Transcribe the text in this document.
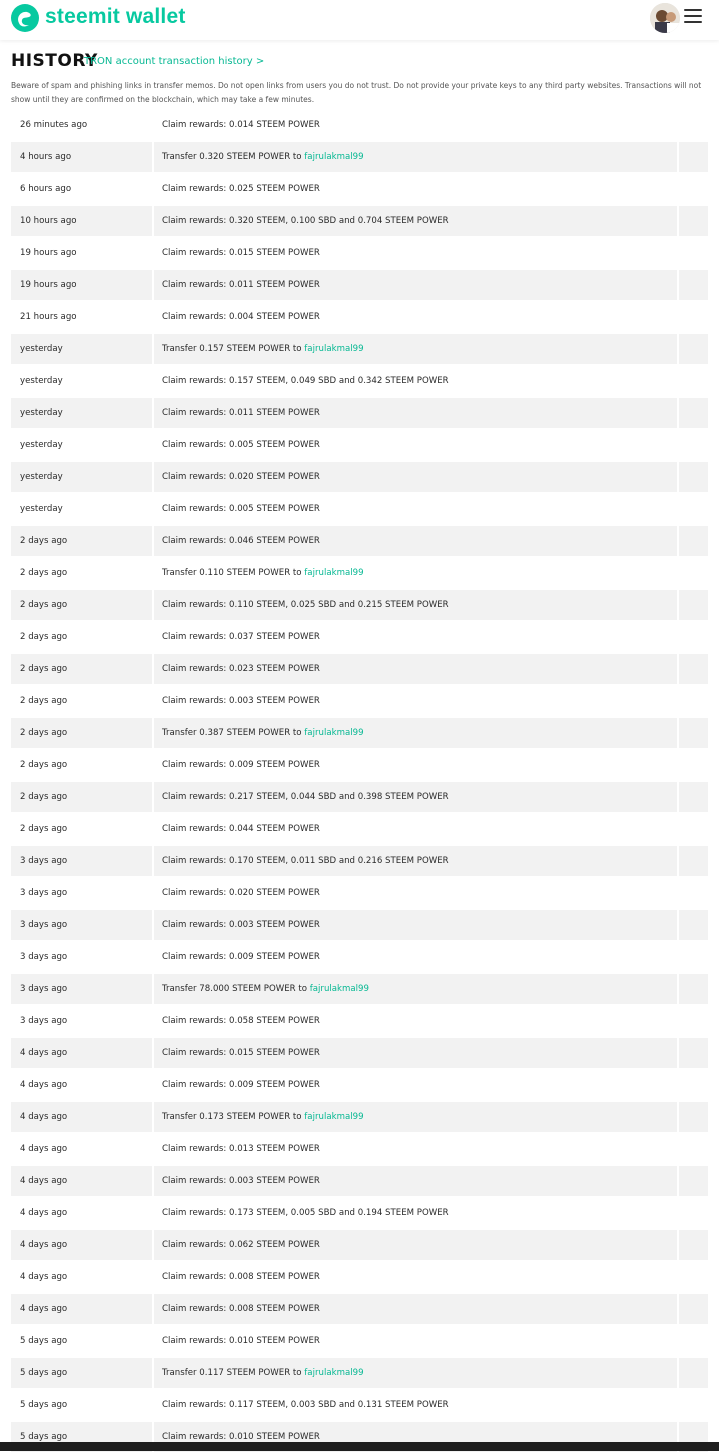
steemit wallet
HISTORY
TRON account transaction history >
Beware of spam and phishing links in transfer memos. Do not open links from users you do not trust. Do not provide your private keys to any third party websites. Transactions will not show until they are confirmed on the blockchain, which may take a few minutes.
26 minutes ago	Claim rewards: 0.014 STEEM POWER
4 hours ago	Transfer 0.320 STEEM POWER to fajrulakmal99
6 hours ago	Claim rewards: 0.025 STEEM POWER
10 hours ago	Claim rewards: 0.320 STEEM, 0.100 SBD and 0.704 STEEM POWER
19 hours ago	Claim rewards: 0.015 STEEM POWER
19 hours ago	Claim rewards: 0.011 STEEM POWER
21 hours ago	Claim rewards: 0.004 STEEM POWER
yesterday	Transfer 0.157 STEEM POWER to fajrulakmal99
yesterday	Claim rewards: 0.157 STEEM, 0.049 SBD and 0.342 STEEM POWER
yesterday	Claim rewards: 0.011 STEEM POWER
yesterday	Claim rewards: 0.005 STEEM POWER
yesterday	Claim rewards: 0.020 STEEM POWER
yesterday	Claim rewards: 0.005 STEEM POWER
2 days ago	Claim rewards: 0.046 STEEM POWER
2 days ago	Transfer 0.110 STEEM POWER to fajrulakmal99
2 days ago	Claim rewards: 0.110 STEEM, 0.025 SBD and 0.215 STEEM POWER
2 days ago	Claim rewards: 0.037 STEEM POWER
2 days ago	Claim rewards: 0.023 STEEM POWER
2 days ago	Claim rewards: 0.003 STEEM POWER
2 days ago	Transfer 0.387 STEEM POWER to fajrulakmal99
2 days ago	Claim rewards: 0.009 STEEM POWER
2 days ago	Claim rewards: 0.217 STEEM, 0.044 SBD and 0.398 STEEM POWER
2 days ago	Claim rewards: 0.044 STEEM POWER
3 days ago	Claim rewards: 0.170 STEEM, 0.011 SBD and 0.216 STEEM POWER
3 days ago	Claim rewards: 0.020 STEEM POWER
3 days ago	Claim rewards: 0.003 STEEM POWER
3 days ago	Claim rewards: 0.009 STEEM POWER
3 days ago	Transfer 78.000 STEEM POWER to fajrulakmal99
3 days ago	Claim rewards: 0.058 STEEM POWER
4 days ago	Claim rewards: 0.015 STEEM POWER
4 days ago	Claim rewards: 0.009 STEEM POWER
4 days ago	Transfer 0.173 STEEM POWER to fajrulakmal99
4 days ago	Claim rewards: 0.013 STEEM POWER
4 days ago	Claim rewards: 0.003 STEEM POWER
4 days ago	Claim rewards: 0.173 STEEM, 0.005 SBD and 0.194 STEEM POWER
4 days ago	Claim rewards: 0.062 STEEM POWER
4 days ago	Claim rewards: 0.008 STEEM POWER
4 days ago	Claim rewards: 0.008 STEEM POWER
5 days ago	Claim rewards: 0.010 STEEM POWER
5 days ago	Transfer 0.117 STEEM POWER to fajrulakmal99
5 days ago	Claim rewards: 0.117 STEEM, 0.003 SBD and 0.131 STEEM POWER
5 days ago	Claim rewards: 0.010 STEEM POWER
